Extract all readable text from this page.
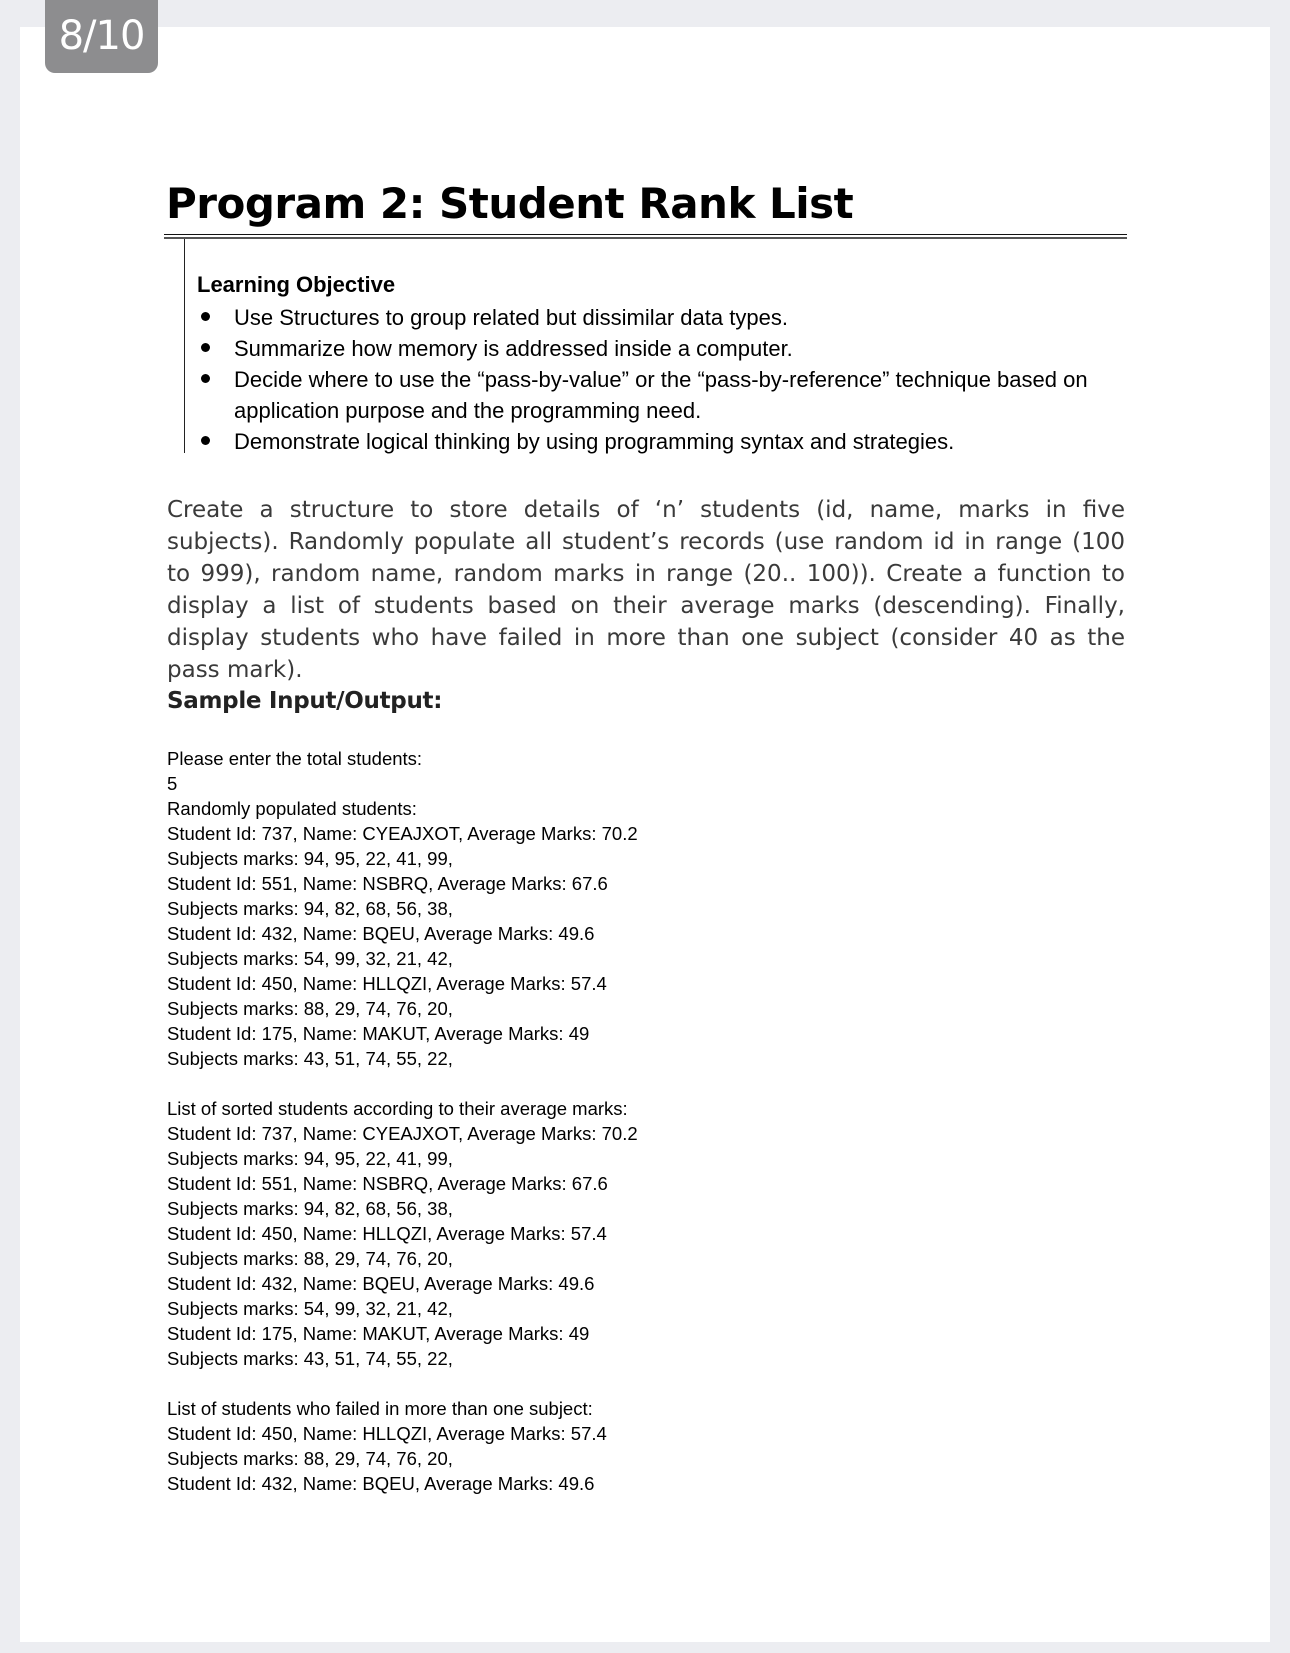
8/10
Program 2: Student Rank List
Learning Objective
Use Structures to group related but dissimilar data types.
Summarize how memory is addressed inside a computer.
Decide where to use the “pass-by-value” or the “pass-by-reference” technique based on application purpose and the programming need.
Demonstrate logical thinking by using programming syntax and strategies.

Create a structure to store details of ‘n’ students (id, name, marks in five subjects). Randomly populate all student’s records (use random id in range (100 to 999), random name, random marks in range (20.. 100)). Create a function to display a list of students based on their average marks (descending). Finally, display students who have failed in more than one subject (consider 40 as the pass mark).

Sample Input/Output:
Please enter the total students:
5
Randomly populated students:
Student Id: 737, Name: CYEAJXOT, Average Marks: 70.2
Subjects marks: 94, 95, 22, 41, 99,
Student Id: 551, Name: NSBRQ, Average Marks: 67.6
Subjects marks: 94, 82, 68, 56, 38,
Student Id: 432, Name: BQEU, Average Marks: 49.6
Subjects marks: 54, 99, 32, 21, 42,
Student Id: 450, Name: HLLQZI, Average Marks: 57.4
Subjects marks: 88, 29, 74, 76, 20,
Student Id: 175, Name: MAKUT, Average Marks: 49
Subjects marks: 43, 51, 74, 55, 22,
List of sorted students according to their average marks:
Student Id: 737, Name: CYEAJXOT, Average Marks: 70.2
Subjects marks: 94, 95, 22, 41, 99,
Student Id: 551, Name: NSBRQ, Average Marks: 67.6
Subjects marks: 94, 82, 68, 56, 38,
Student Id: 450, Name: HLLQZI, Average Marks: 57.4
Subjects marks: 88, 29, 74, 76, 20,
Student Id: 432, Name: BQEU, Average Marks: 49.6
Subjects marks: 54, 99, 32, 21, 42,
Student Id: 175, Name: MAKUT, Average Marks: 49
Subjects marks: 43, 51, 74, 55, 22,
List of students who failed in more than one subject:
Student Id: 450, Name: HLLQZI, Average Marks: 57.4
Subjects marks: 88, 29, 74, 76, 20,
Student Id: 432, Name: BQEU, Average Marks: 49.6
